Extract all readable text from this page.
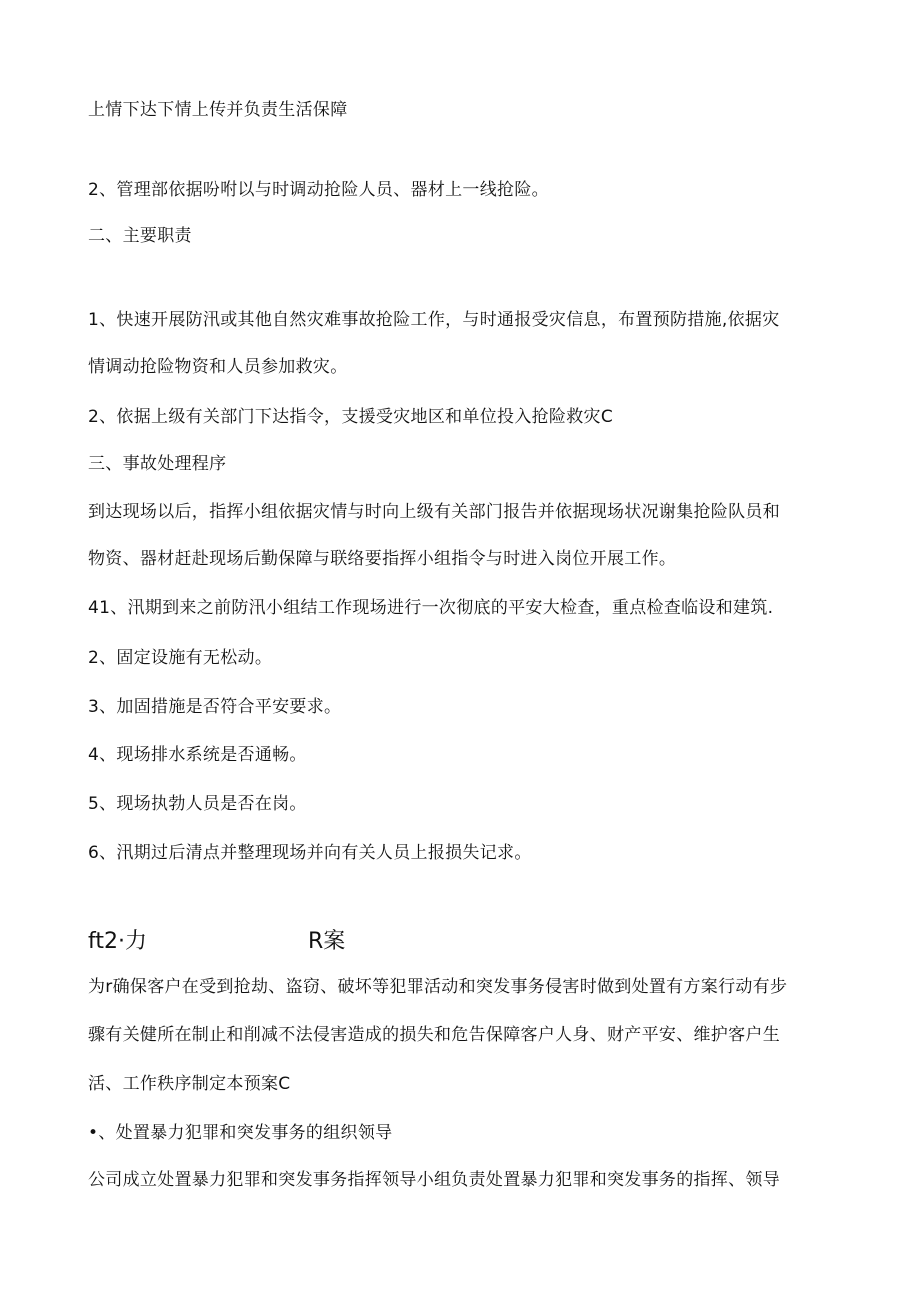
上情下达下情上传并负责生活保障
2、管理部依据吩咐以与时调动抢险人员、器材上一线抢险。
二、主要职责
1、快速开展防汛或其他自然灾难事故抢险工作，与时通报受灾信息，布置预防措施,依据灾
情调动抢险物资和人员参加救灾。
2、依据上级有关部门下达指令，支援受灾地区和单位投入抢险救灾C
三、事故处理程序
到达现场以后，指挥小组依据灾情与时向上级有关部门报告并依据现场状况谢集抢险队员和
物资、器材赶赴现场后勤保障与联络要指挥小组指令与时进入岗位开展工作。
41、汛期到来之前防汛小组结工作现场进行一次彻底的平安大检查，重点检查临设和建筑.
2、固定设施有无松动。
3、加固措施是否符合平安要求。
4、现场排水系统是否通畅。
5、现场执勃人员是否在岗。
6、汛期过后清点并整理现场并向有关人员上报损失记求。
ft2·力	R案
为r确保客户在受到抢劫、盗窃、破坏等犯罪活动和突发事务侵害时做到处置有方案行动有步
骤有关健所在制止和削减不法侵害造成的损失和危告保障客户人身、财产平安、维护客户生
活、工作秩序制定本预案C
•、处置暴力犯罪和突发事务的组织领导
公司成立处置暴力犯罪和突发事务指挥领导小组负责处置暴力犯罪和突发事务的指挥、领导
